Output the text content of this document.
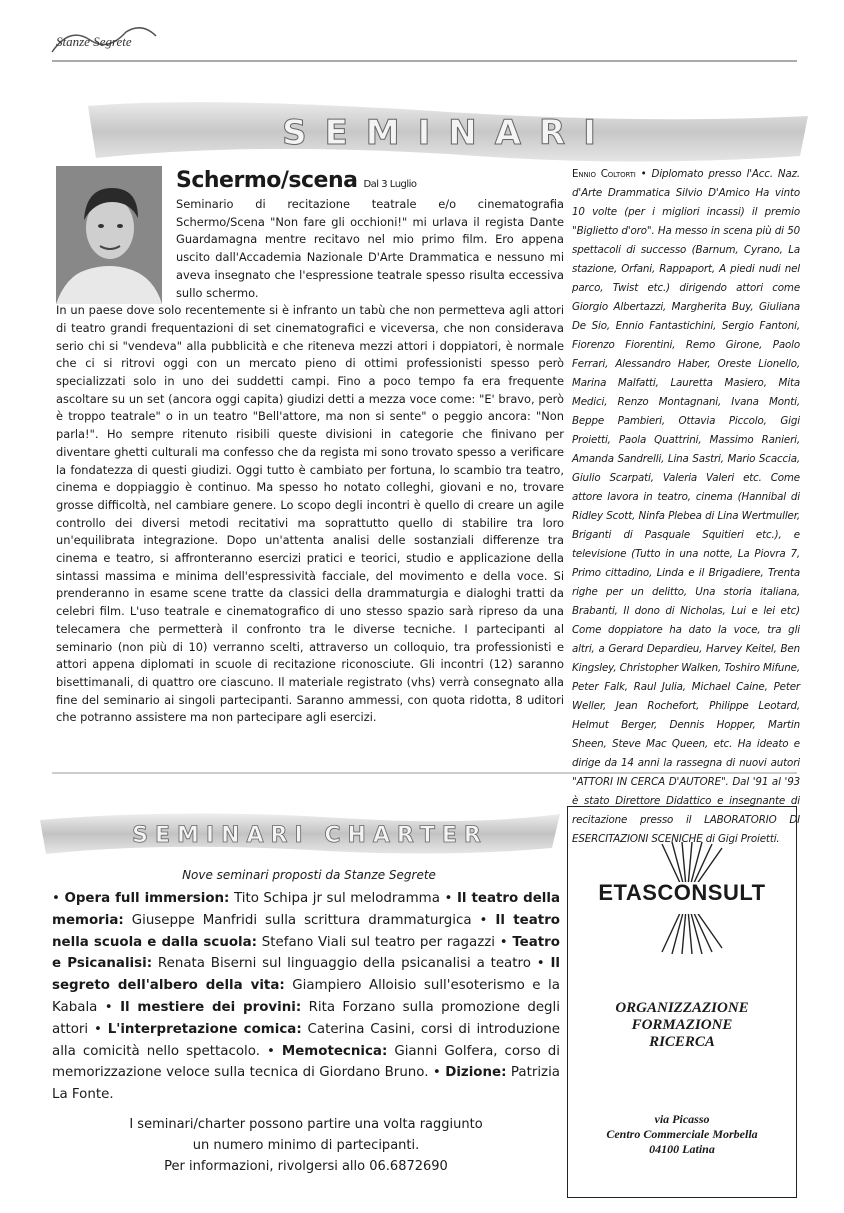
Stanze Segrete
SEMINARI
Schermo/scena Dal 3 Luglio

Seminario di recitazione teatrale e/o cinematografia Schermo/Scena "Non fare gli occhioni!" mi urlava il regista Dante Guardamagna mentre recitavo nel mio primo film. Ero appena uscito dall'Accademia Nazionale D'Arte Drammatica e nessuno mi aveva insegnato che l'espressione teatrale spesso risulta eccessiva sullo schermo.

In un paese dove solo recentemente si è infranto un tabù che non permetteva agli attori di teatro grandi frequentazioni di set cinematografici e viceversa, che non considerava serio chi si "vendeva" alla pubblicità e che riteneva mezzi attori i doppiatori, è normale che ci si ritrovi oggi con un mercato pieno di ottimi professionisti spesso però specializzati solo in uno dei suddetti campi. Fino a poco tempo fa era frequente ascoltare su un set (ancora oggi capita) giudizi detti a mezza voce come: "E' bravo, però è troppo teatrale" o in un teatro "Bell'attore, ma non si sente" o peggio ancora: "Non parla!". Ho sempre ritenuto risibili queste divisioni in categorie che finivano per diventare ghetti culturali ma confesso che da regista mi sono trovato spesso a verificare la fondatezza di questi giudizi. Oggi tutto è cambiato per fortuna, lo scambio tra teatro, cinema e doppiaggio è continuo. Ma spesso ho notato colleghi, giovani e no, trovare grosse difficoltà, nel cambiare genere. Lo scopo degli incontri è quello di creare un agile controllo dei diversi metodi recitativi ma soprattutto quello di stabilire tra loro un'equilibrata integrazione. Dopo un'attenta analisi delle sostanziali differenze tra cinema e teatro, si affronteranno esercizi pratici e teorici, studio e applicazione della sintassi massima e minima dell'espressività facciale, del movimento e della voce. Si prenderanno in esame scene tratte da classici della drammaturgia e dialoghi tratti da celebri film. L'uso teatrale e cinematografico di uno stesso spazio sarà ripreso da una telecamera che permetterà il confronto tra le diverse tecniche. I partecipanti al seminario (non più di 10) verranno scelti, attraverso un colloquio, tra professionisti e attori appena diplomati in scuole di recitazione riconosciute. Gli incontri (12) saranno bisettimanali, di quattro ore ciascuno. Il materiale registrato (vhs) verrà consegnato alla fine del seminario ai singoli partecipanti. Saranno ammessi, con quota ridotta, 8 uditori che potranno assistere ma non partecipare agli esercizi.

Ennio Coltorti • Diplomato presso l'Acc. Naz. d'Arte Drammatica Silvio D'Amico Ha vinto 10 volte (per i migliori incassi) il premio "Biglietto d'oro". Ha messo in scena più di 50 spettacoli di successo (Barnum, Cyrano, La stazione, Orfani, Rappaport, A piedi nudi nel parco, Twist etc.) dirigendo attori come Giorgio Albertazzi, Margherita Buy, Giuliana De Sio, Ennio Fantastichini, Sergio Fantoni, Fiorenzo Fiorentini, Remo Girone, Paolo Ferrari, Alessandro Haber, Oreste Lionello, Marina Malfatti, Lauretta Masiero, Mita Medici, Renzo Montagnani, Ivana Monti, Beppe Pambieri, Ottavia Piccolo, Gigi Proietti, Paola Quattrini, Massimo Ranieri, Amanda Sandrelli, Lina Sastri, Mario Scaccia, Giulio Scarpati, Valeria Valeri etc. Come attore lavora in teatro, cinema (Hannibal di Ridley Scott, Ninfa Plebea di Lina Wertmuller, Briganti di Pasquale Squitieri etc.), e televisione (Tutto in una notte, La Piovra 7, Primo cittadino, Linda e il Brigadiere, Trenta righe per un delitto, Una storia italiana, Brabanti, Il dono di Nicholas, Lui e lei etc) Come doppiatore ha dato la voce, tra gli altri, a Gerard Depardieu, Harvey Keitel, Ben Kingsley, Christopher Walken, Toshiro Mifune, Peter Falk, Raul Julia, Michael Caine, Peter Weller, Jean Rochefort, Philippe Leotard, Helmut Berger, Dennis Hopper, Martin Sheen, Steve Mac Queen, etc. Ha ideato e dirige da 14 anni la rassegna di nuovi autori "ATTORI IN CERCA D'AUTORE". Dal '91 al '93 è stato Direttore Didattico e insegnante di recitazione presso il LABORATORIO DI ESERCITAZIONI SCENICHE di Gigi Proietti.
SEMINARI CHARTER
Nove seminari proposti da Stanze Segrete
• Opera full immersion: Tito Schipa jr sul melodramma • Il teatro della memoria: Giuseppe Manfridi sulla scrittura drammaturgica • Il teatro nella scuola e dalla scuola: Stefano Viali sul teatro per ragazzi • Teatro e Psicanalisi: Renata Biserni sul linguaggio della psicanalisi a teatro • Il segreto dell'albero della vita: Giampiero Alloisio sull'esoterismo e la Kabala • Il mestiere dei provini: Rita Forzano sulla promozione degli attori • L'interpretazione comica: Caterina Casini, corsi di introduzione alla comicità nello spettacolo. • Memotecnica: Gianni Golfera, corso di memorizzazione veloce sulla tecnica di Giordano Bruno. • Dizione: Patrizia La Fonte.
I seminari/charter possono partire una volta raggiunto
un numero minimo di partecipanti.
Per informazioni, rivolgersi allo 06.6872690
ETASCONSULT
ORGANIZZAZIONE
FORMAZIONE
RICERCA
via Picasso
Centro Commerciale Morbella
04100 Latina
